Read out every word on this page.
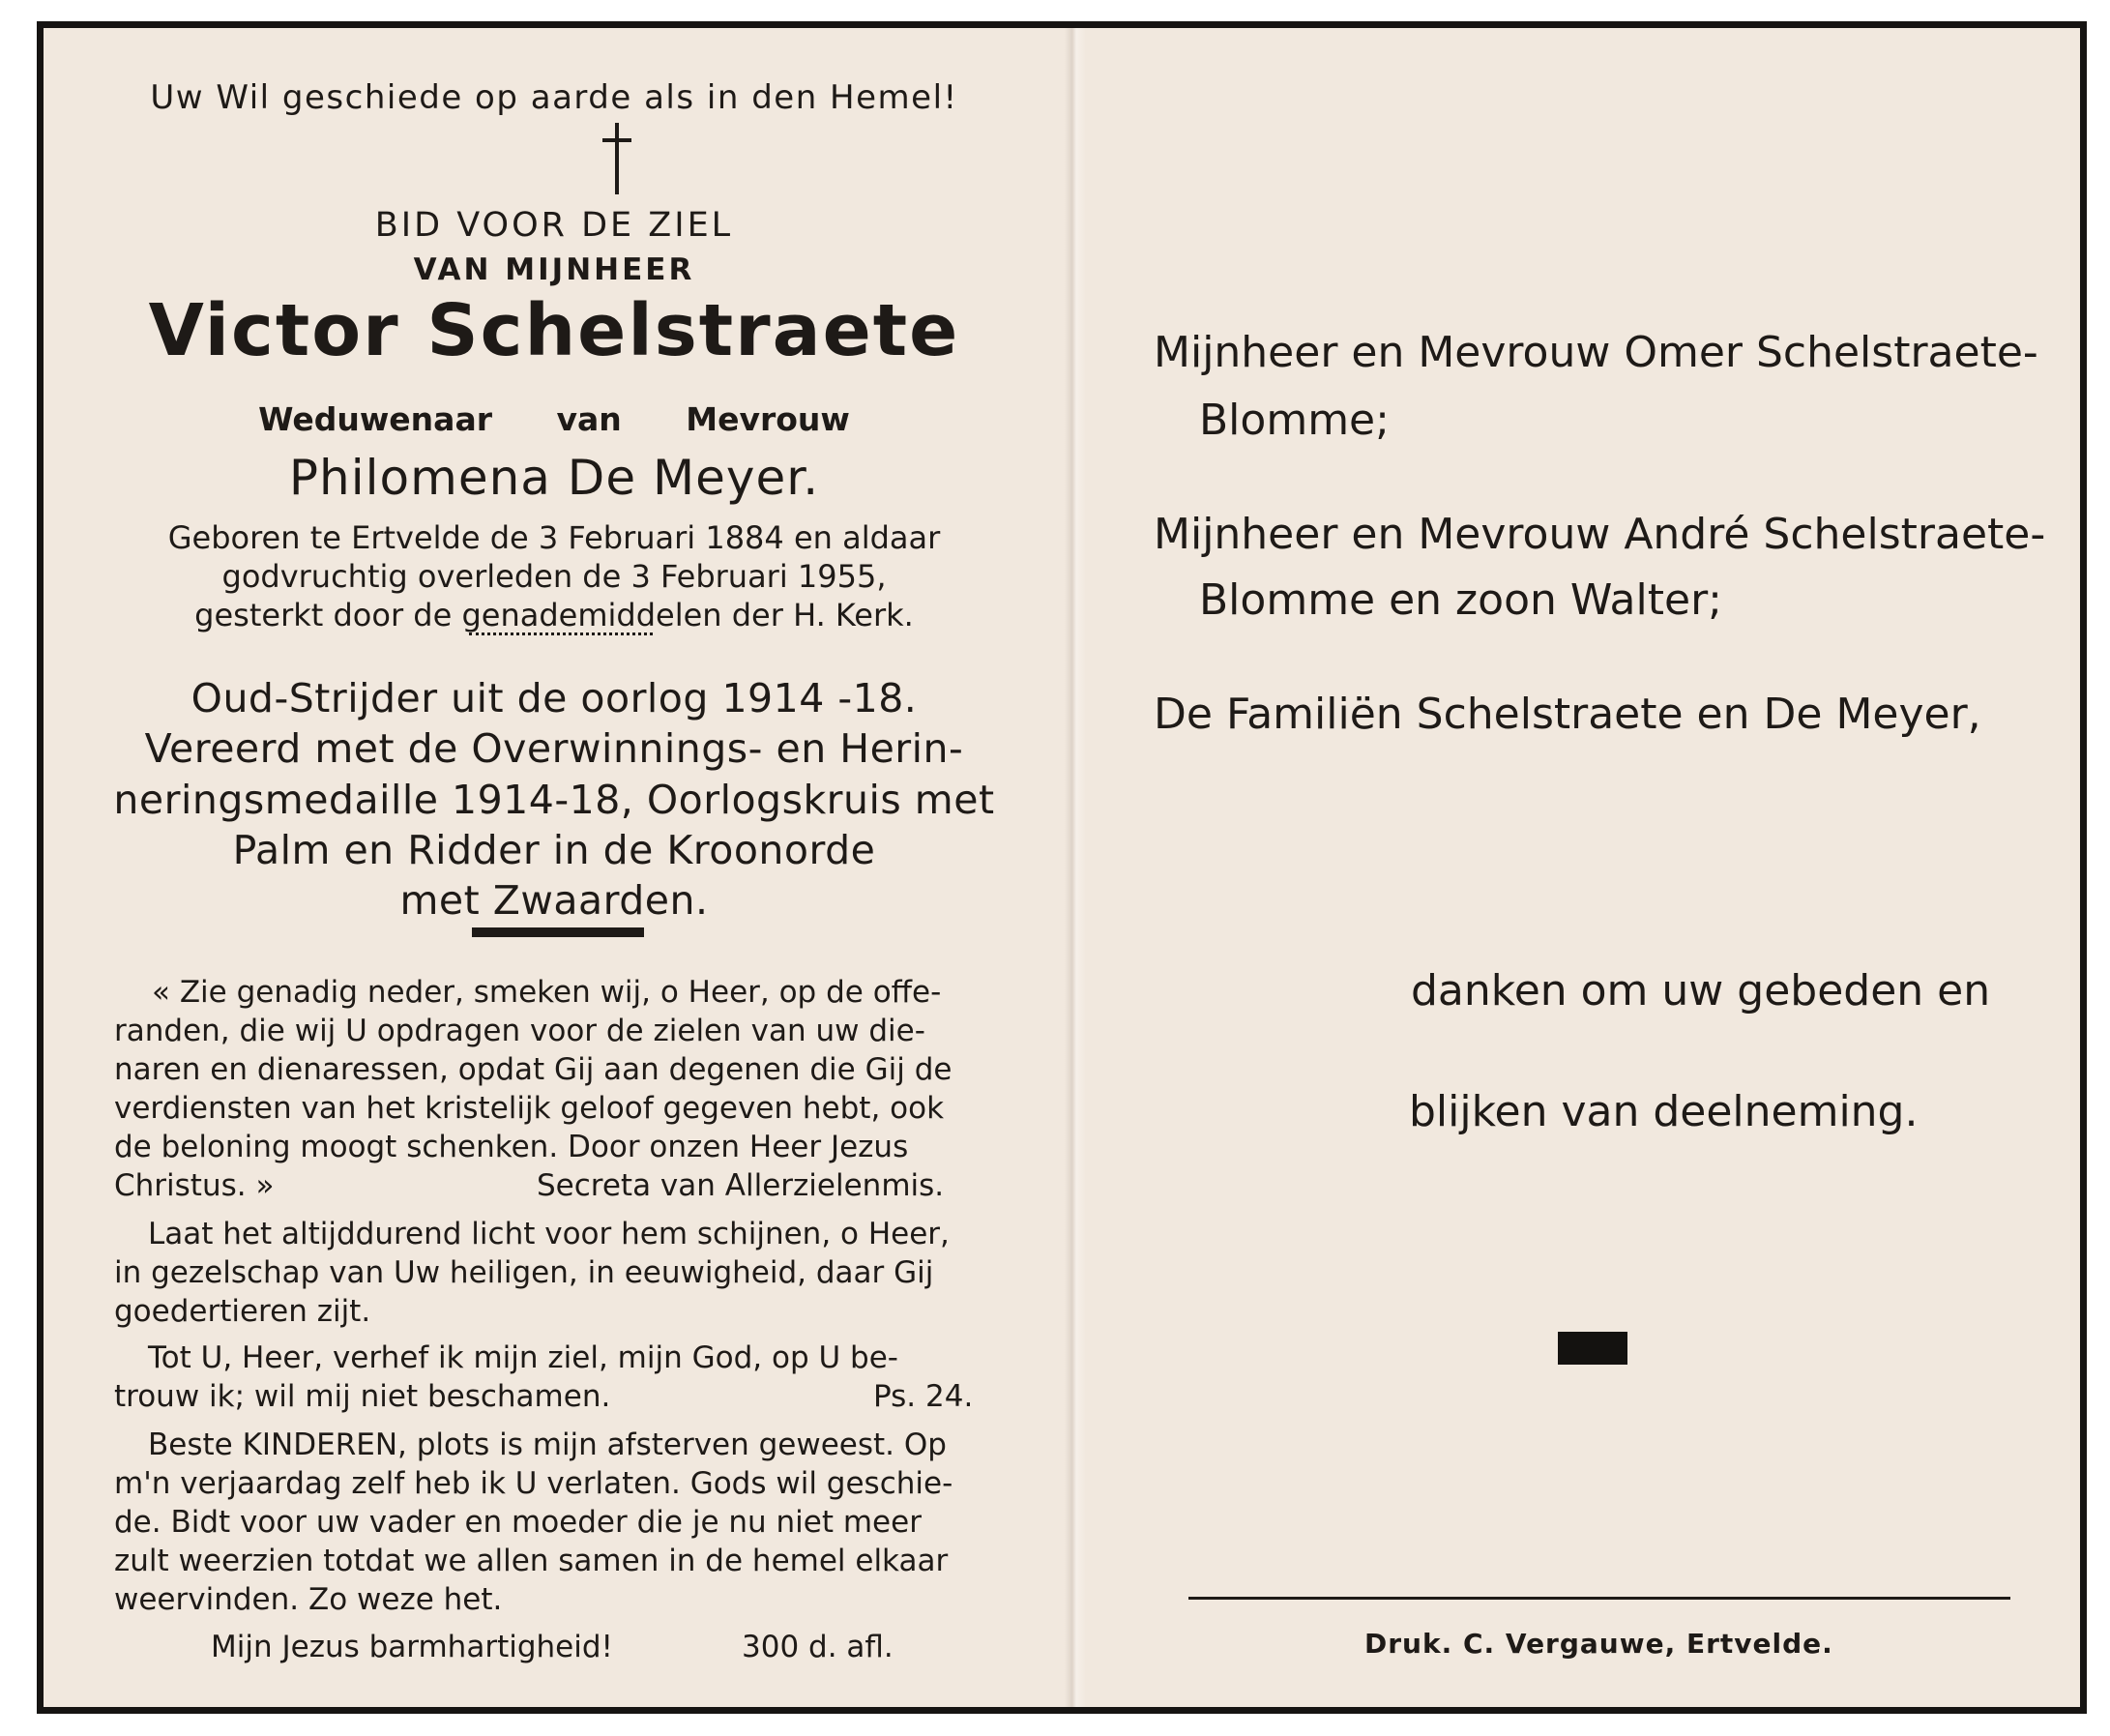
Uw Wil geschiede op aarde als in den Hemel!
BID VOOR DE ZIEL
VAN MIJNHEER
Victor Schelstraete
Weduwenaar van Mevrouw
Philomena De Meyer.
Geboren te Ertvelde de 3 Februari 1884 en aldaar
godvruchtig overleden de 3 Februari 1955,
gesterkt door de genademiddelen der H. Kerk.
Oud-Strijder uit de oorlog 1914 -18.
Vereerd met de Overwinnings- en Herin-
neringsmedaille 1914-18, Oorlogskruis met
Palm en Ridder in de Kroonorde
met Zwaarden.
« Zie genadig neder, smeken wij, o Heer, op de offe-
randen, die wij U opdragen voor de zielen van uw die-
naren en dienaressen, opdat Gij aan degenen die Gij de
verdiensten van het kristelijk geloof gegeven hebt, ook
de beloning moogt schenken. Door onzen Heer Jezus
Christus. »	Secreta van Allerzielenmis.
Laat het altijddurend licht voor hem schijnen, o Heer,
in gezelschap van Uw heiligen, in eeuwigheid, daar Gij
goedertieren zijt.
Tot U, Heer, verhef ik mijn ziel, mijn God, op U be-
trouw ik; wil mij niet beschamen.	Ps. 24.
Beste KINDEREN, plots is mijn afsterven geweest. Op
m'n verjaardag zelf heb ik U verlaten. Gods wil geschie-
de. Bidt voor uw vader en moeder die je nu niet meer
zult weerzien totdat we allen samen in de hemel elkaar
weervinden. Zo weze het.
Mijn Jezus barmhartigheid!	300 d. afl.
Mijnheer en Mevrouw Omer Schelstraete-
Blomme;
Mijnheer en Mevrouw André Schelstraete-
Blomme en zoon Walter;
De Familiën Schelstraete en De Meyer,
danken om uw gebeden en
blijken van deelneming.
Druk. C. Vergauwe, Ertvelde.
